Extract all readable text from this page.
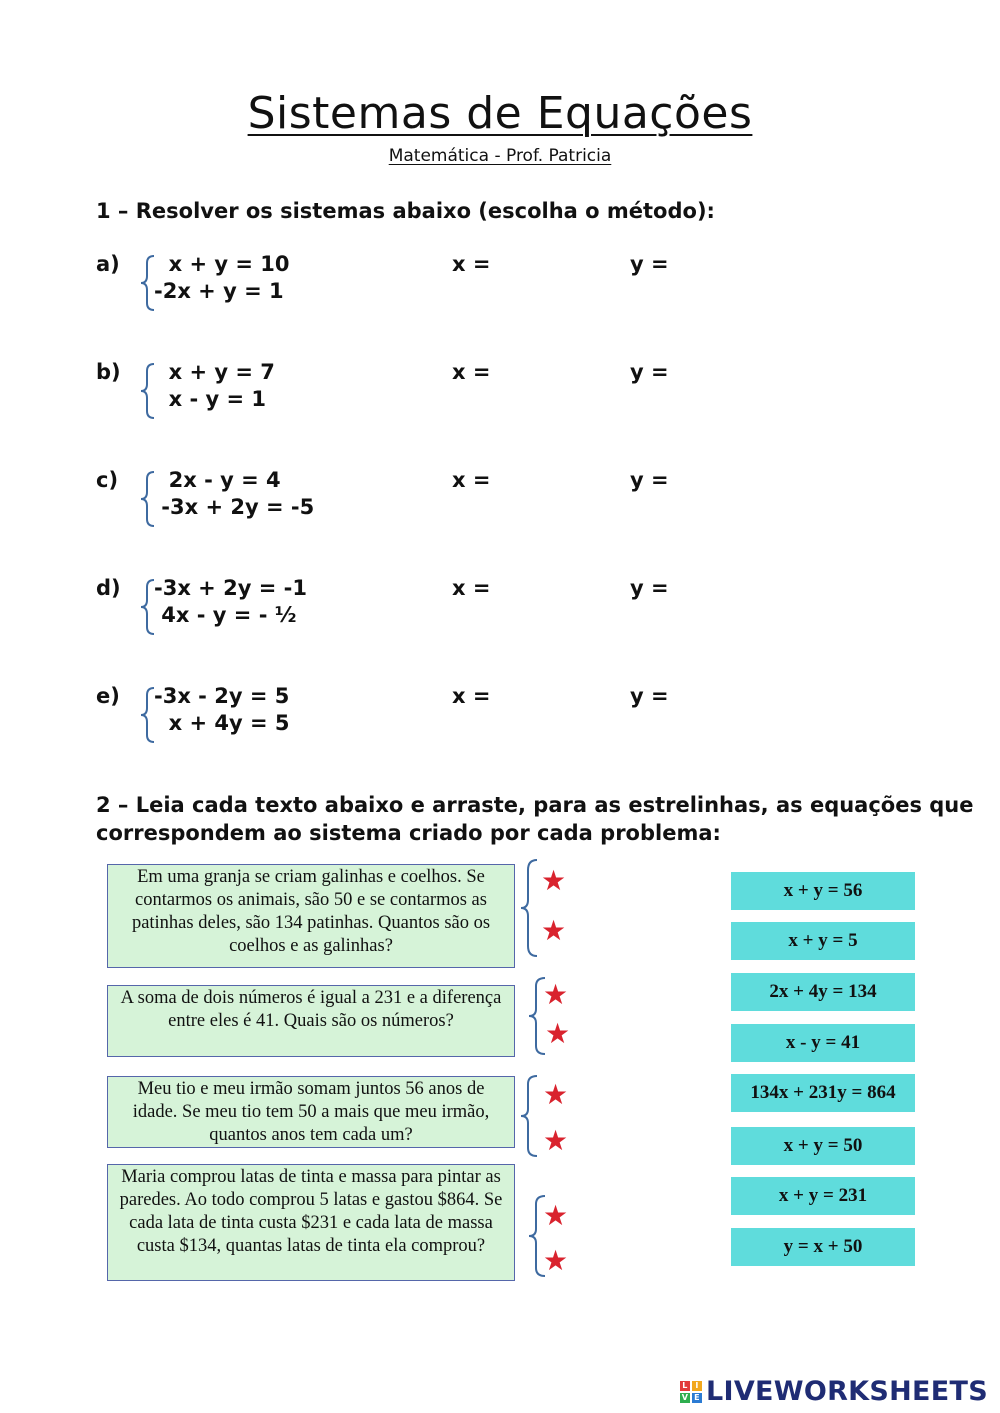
Sistemas de Equações
Matemática - Prof. Patricia
1 – Resolver os sistemas abaixo (escolha o método):
a) x + y = 10
-2x + y = 1
x =	y =
b) x + y = 7
x - y = 1
x =	y =
c) 2x - y = 4
-3x + 2y = -5
x =	y =
d) -3x + 2y = -1
4x - y = - ½
x =	y =
e) -3x - 2y = 5
x + 4y = 5
x =	y =
2 – Leia cada texto abaixo e arraste, para as estrelinhas, as equações que
correspondem ao sistema criado por cada problema:
Em uma granja se criam galinhas e coelhos. Se contarmos os animais, são 50 e se contarmos as patinhas deles, são 134 patinhas. Quantos são os coelhos e as galinhas?
A soma de dois números é igual a 231 e a diferença entre eles é 41. Quais são os números?
Meu tio e meu irmão somam juntos 56 anos de idade. Se meu tio tem 50 a mais que meu irmão, quantos anos tem cada um?
Maria comprou latas de tinta e massa para pintar as paredes. Ao todo comprou 5 latas e gastou $864. Se cada lata de tinta custa $231 e cada lata de massa custa $134, quantas latas de tinta ela comprou?
★
★
★
★
★
★
★
★
x + y = 56
x + y = 5
2x + 4y = 134
x - y = 41
134x + 231y = 864
x + y = 50
x + y = 231
y = x + 50
L I
V E LIVEWORKSHEETS
